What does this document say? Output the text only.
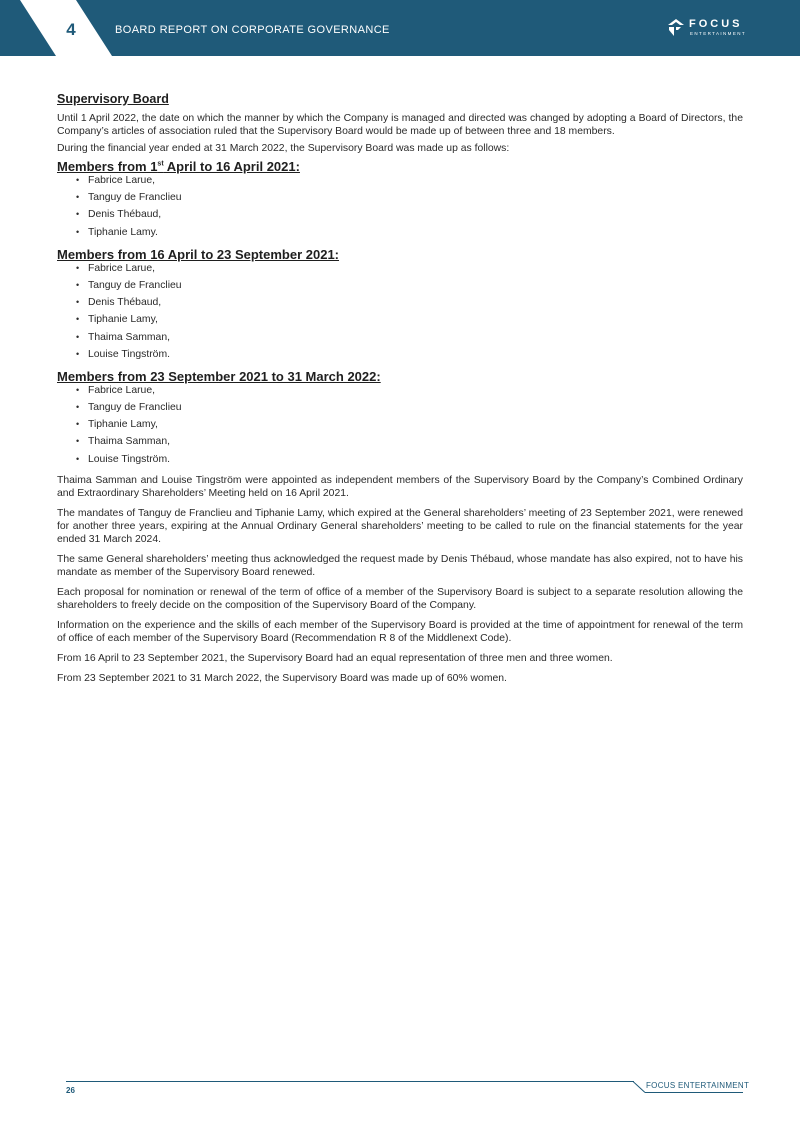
4	BOARD REPORT ON CORPORATE GOVERNANCE	FOCUS
ENTERTAINMENT
Supervisory Board

Until 1 April 2022, the date on which the manner by which the Company is managed and directed was changed by adopting a Board of Directors, the Company’s articles of association ruled that the Supervisory Board would be made up of between three and 18 members.

During the financial year ended at 31 March 2022, the Supervisory Board was made up as follows:

Members from 1st April to 16 April 2021:
• Fabrice Larue,
• Tanguy de Franclieu
• Denis Thébaud,
• Tiphanie Lamy.
Members from 16 April to 23 September 2021:
• Fabrice Larue,
• Tanguy de Franclieu
• Denis Thébaud,
• Tiphanie Lamy,
• Thaima Samman,
• Louise Tingström.
Members from 23 September 2021 to 31 March 2022:
• Fabrice Larue,
• Tanguy de Franclieu
• Tiphanie Lamy,
• Thaima Samman,
• Louise Tingström.

Thaima Samman and Louise Tingström were appointed as independent members of the Supervisory Board by the Company’s Combined Ordinary and Extraordinary Shareholders’ Meeting held on 16 April 2021.

The mandates of Tanguy de Franclieu and Tiphanie Lamy, which expired at the General shareholders’ meeting of 23 September 2021, were renewed for another three years, expiring at the Annual Ordinary General shareholders’ meeting to be called to rule on the financial statements for the year ended 31 March 2024.

The same General shareholders’ meeting thus acknowledged the request made by Denis Thébaud, whose mandate has also expired, not to have his mandate as member of the Supervisory Board renewed.

Each proposal for nomination or renewal of the term of office of a member of the Supervisory Board is subject to a separate resolution allowing the shareholders to freely decide on the composition of the Supervisory Board of the Company.

Information on the experience and the skills of each member of the Supervisory Board is provided at the time of appointment for renewal of the term of office of each member of the Supervisory Board (Recommendation R 8 of the Middlenext Code).

From 16 April to 23 September 2021, the Supervisory Board had an equal representation of three men and three women.

From 23 September 2021 to 31 March 2022, the Supervisory Board was made up of 60% women.

26
FOCUS ENTERTAINMENT
